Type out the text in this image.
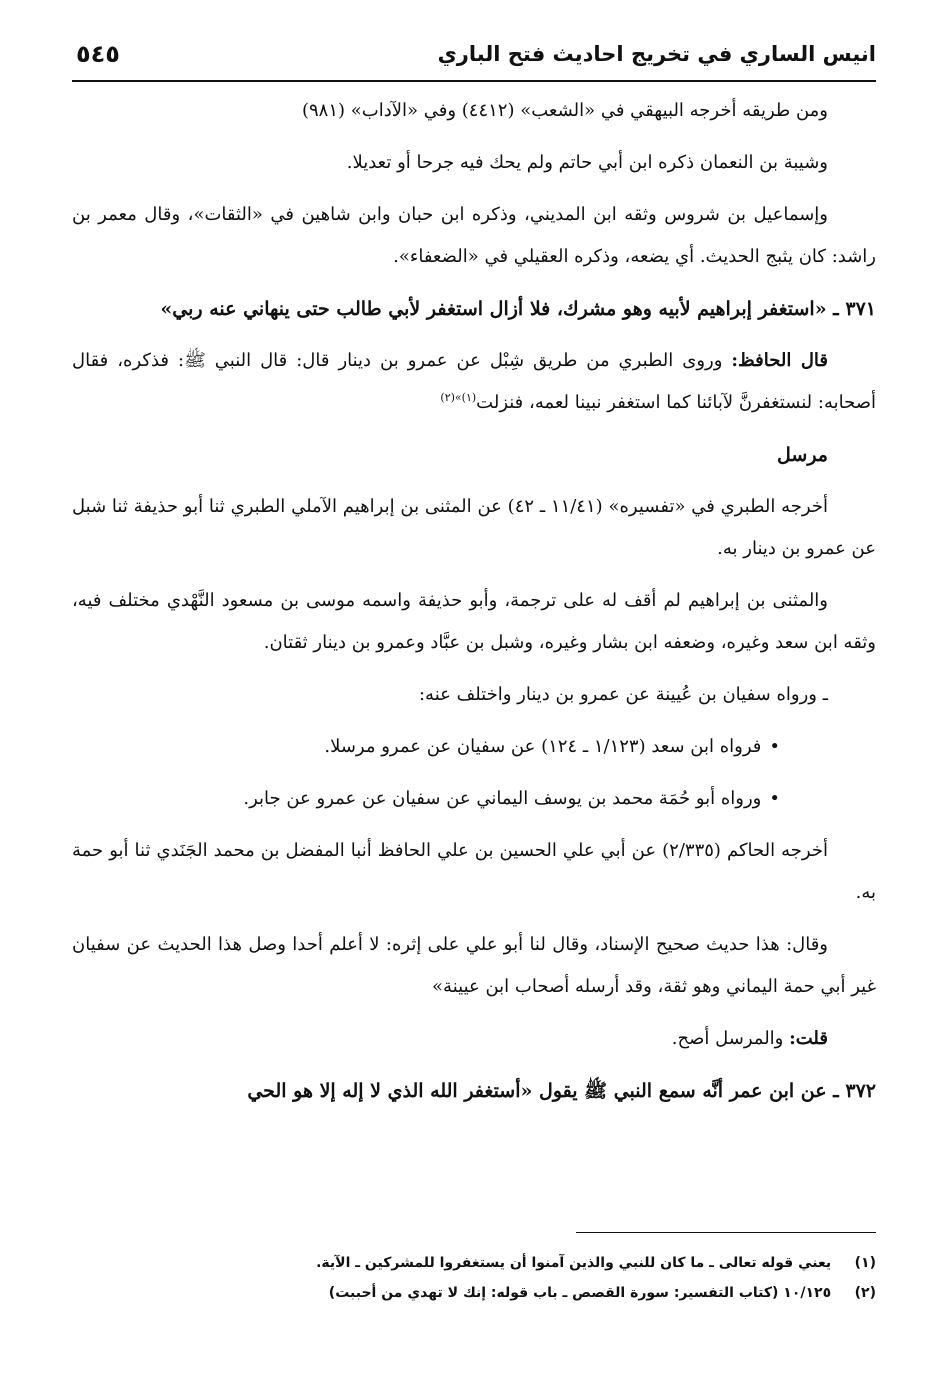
انيس الساري في تخريج احاديث فتح الباري
٥٤٥

ومن طريقه أخرجه البيهقي في «الشعب» (٤٤١٢) وفي «الآداب» (٩٨١)

وشيبة بن النعمان ذكره ابن أبي حاتم ولم يحك فيه جرحا أو تعديلا.

وإسماعيل بن شروس وثقه ابن المديني، وذكره ابن حبان وابن شاهين في «الثقات»، وقال معمر بن راشد: كان يثبج الحديث. أي يضعه، وذكره العقيلي في «الضعفاء».

٣٧١ ـ «استغفر إبراهيم لأبيه وهو مشرك، فلا أزال استغفر لأبي طالب حتى ينهاني عنه ربي»

قال الحافظ: وروى الطبري من طريق شِبْل عن عمرو بن دينار قال: قال النبي ﷺ: فذكره، فقال أصحابه: لنستغفرنَّ لآبائنا كما استغفر نبينا لعمه، فنزلت$^{(١)»(٢)}$

مرسل

أخرجه الطبري في «تفسيره» (١١/٤١ ـ ٤٢) عن المثنى بن إبراهيم الآملي الطبري ثنا أبو حذيفة ثنا شبل عن عمرو بن دينار به.

والمثنى بن إبراهيم لم أقف له على ترجمة، وأبو حذيفة واسمه موسى بن مسعود النَّهْدي مختلف فيه، وثقه ابن سعد وغيره، وضعفه ابن بشار وغيره، وشبل بن عبَّاد وعمرو بن دينار ثقتان.

ـ ورواه سفيان بن عُيينة عن عمرو بن دينار واختلف عنه:

•فرواه ابن سعد (١/١٢٣ ـ ١٢٤) عن سفيان عن عمرو مرسلا.

•ورواه أبو حُمَة محمد بن يوسف اليماني عن سفيان عن عمرو عن جابر.

أخرجه الحاكم (٢/٣٣٥) عن أبي علي الحسين بن علي الحافظ أنبا المفضل بن محمد الجَنَدي ثنا أبو حمة به.

وقال: هذا حديث صحيح الإسناد، وقال لنا أبو علي على إثره: لا أعلم أحدا وصل هذا الحديث عن سفيان غير أبي حمة اليماني وهو ثقة، وقد أرسله أصحاب ابن عيينة»

قلت: والمرسل أصح.

٣٧٢ ـ عن ابن عمر أنَّه سمع النبي ﷺ يقول «أستغفر الله الذي لا إله إلا هو الحي

(١) يعني قوله تعالى ـ ما كان للنبي والذين آمنوا أن يستغفروا للمشركين ـ الآية.

(٢) ١٠/١٢٥ (كتاب التفسير: سورة القصص ـ باب قوله: إنك لا تهدي من أحببت)
